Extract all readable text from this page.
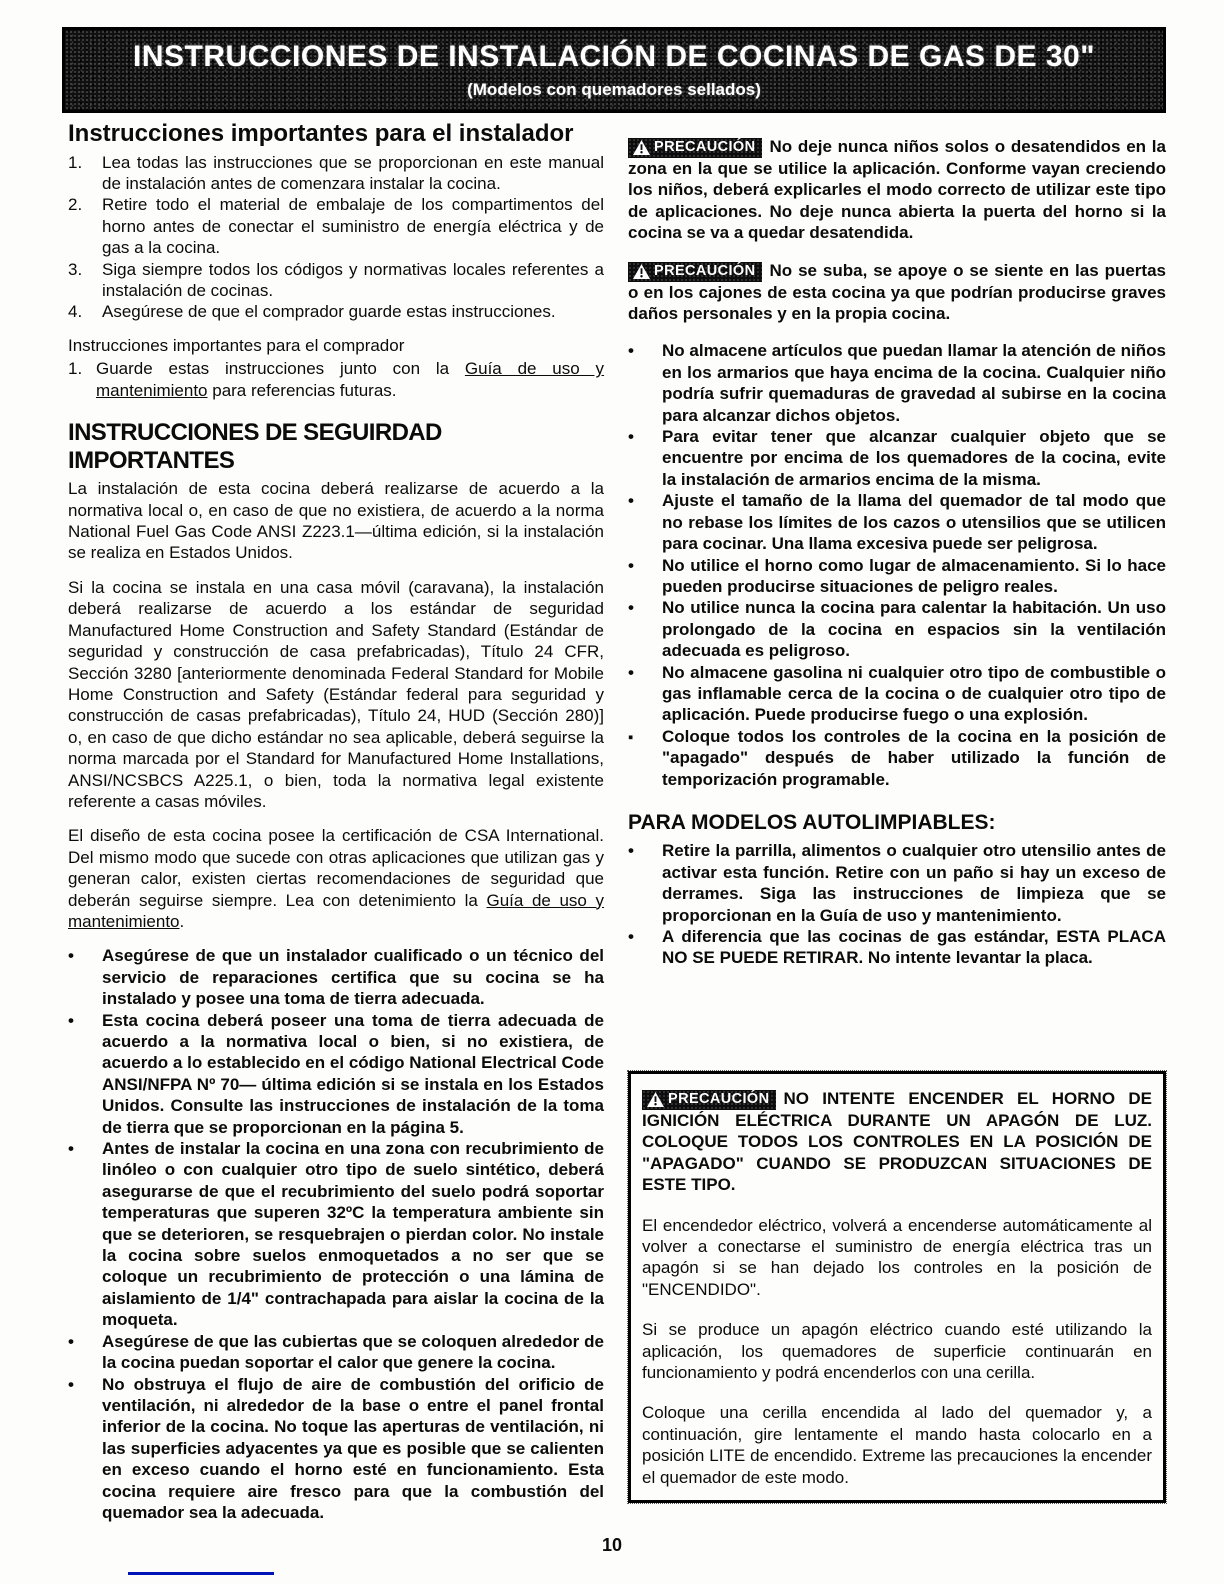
INSTRUCCIONES DE INSTALACIÓN DE COCINAS DE GAS DE 30"
(Modelos con quemadores sellados)
Instrucciones importantes para el instalador
1.	Lea todas las instrucciones que se proporcionan en este manual de instalación antes de comenzara instalar la cocina.
2.	Retire todo el material de embalaje de los compartimentos del horno antes de conectar el suministro de energía eléctrica y de gas a la cocina.
3.	Siga siempre todos los códigos y normativas locales referentes a instalación de cocinas.
4.	Asegúrese de que el comprador guarde estas instrucciones.
Instrucciones importantes para el comprador
1. Guarde estas instrucciones junto con la Guía de uso y mantenimiento para referencias futuras.
INSTRUCCIONES DE SEGUIRDAD IMPORTANTES

La instalación de esta cocina deberá realizarse de acuerdo a la normativa local o, en caso de que no existiera, de acuerdo a la norma National Fuel Gas Code ANSI Z223.1—última edición, si la instalación se realiza en Estados Unidos.

Si la cocina se instala en una casa móvil (caravana), la instalación deberá realizarse de acuerdo a los estándar de seguridad Manufactured Home Construction and Safety Standard (Estándar de seguridad y construcción de casa prefabricadas), Título 24 CFR, Sección 3280 [anteriormente denominada Federal Standard for Mobile Home Construction and Safety (Estándar federal para seguridad y construcción de casas prefabricadas), Título 24, HUD (Sección 280)] o, en caso de que dicho estándar no sea aplicable, deberá seguirse la norma marcada por el Standard for Manufactured Home Installations, ANSI/NCSBCS A225.1, o bien, toda la normativa legal existente referente a casas móviles.

El diseño de esta cocina posee la certificación de CSA International. Del mismo modo que sucede con otras aplicaciones que utilizan gas y generan calor, existen ciertas recomendaciones de seguridad que deberán seguirse siempre. Lea con detenimiento la Guía de uso y mantenimiento.

•
Asegúrese de que un instalador cualificado o un técnico del servicio de reparaciones certifica que su cocina se ha instalado y posee una toma de tierra adecuada.
•
Esta cocina deberá poseer una toma de tierra adecuada de acuerdo a la normativa local o bien, si no existiera, de acuerdo a lo establecido en el código National Electrical Code ANSI/NFPA Nº 70— última edición si se instala en los Estados Unidos. Consulte las instrucciones de instalación de la toma de tierra que se proporcionan en la página 5.
•
Antes de instalar la cocina en una zona con recubrimiento de linóleo o con cualquier otro tipo de suelo sintético, deberá asegurarse de que el recubrimiento del suelo podrá soportar temperaturas que superen 32ºC la temperatura ambiente sin que se deterioren, se resquebrajen o pierdan color. No instale la cocina sobre suelos enmoquetados a no ser que se coloque un recubrimiento de protección o una lámina de aislamiento de 1/4" contrachapada para aislar la cocina de la moqueta.
•
Asegúrese de que las cubiertas que se coloquen alrededor de la cocina puedan soportar el calor que genere la cocina.
•
No obstruya el flujo de aire de combustión del orificio de ventilación, ni alrededor de la base o entre el panel frontal inferior de la cocina. No toque las aperturas de ventilación, ni las superficies adyacentes ya que es posible que se calienten en exceso cuando el horno esté en funcionamiento. Esta cocina requiere aire fresco para que la combustión del quemador sea la adecuada.

PRECAUCIÓN No deje nunca niños solos o desatendidos en la zona en la que se utilice la aplicación. Conforme vayan creciendo los niños, deberá explicarles el modo correcto de utilizar este tipo de aplicaciones. No deje nunca abierta la puerta del horno si la cocina se va a quedar desatendida.

PRECAUCIÓN No se suba, se apoye o se siente en las puertas o en los cajones de esta cocina ya que podrían producirse graves daños personales y en la propia cocina.

•
No almacene artículos que puedan llamar la atención de niños en los armarios que haya encima de la cocina. Cualquier niño podría sufrir quemaduras de gravedad al subirse en la cocina para alcanzar dichos objetos.
•
Para evitar tener que alcanzar cualquier objeto que se encuentre por encima de los quemadores de la cocina, evite la instalación de armarios encima de la misma.
•
Ajuste el tamaño de la llama del quemador de tal modo que no rebase los límites de los cazos o utensilios que se utilicen para cocinar. Una llama excesiva puede ser peligrosa.
•
No utilice el horno como lugar de almacenamiento. Si lo hace pueden producirse situaciones de peligro reales.
•
No utilice nunca la cocina para calentar la habitación. Un uso prolongado de la cocina en espacios sin la ventilación adecuada es peligroso.
•
No almacene gasolina ni cualquier otro tipo de combustible o gas inflamable cerca de la cocina o de cualquier otro tipo de aplicación. Puede producirse fuego o una explosión.
▪
Coloque todos los controles de la cocina en la posición de "apagado" después de haber utilizado la función de temporización programable.
PARA MODELOS AUTOLIMPIABLES:
•
Retire la parrilla, alimentos o cualquier otro utensilio antes de activar esta función. Retire con un paño si hay un exceso de derrames. Siga las instrucciones de limpieza que se proporcionan en la Guía de uso y mantenimiento.
•
A diferencia que las cocinas de gas estándar, ESTA PLACA NO SE PUEDE RETIRAR. No intente levantar la placa.

PRECAUCIÓN NO INTENTE ENCENDER EL HORNO DE IGNICIÓN ELÉCTRICA DURANTE UN APAGÓN DE LUZ. COLOQUE TODOS LOS CONTROLES EN LA POSICIÓN DE "APAGADO" CUANDO SE PRODUZCAN SITUACIONES DE ESTE TIPO.

El encendedor eléctrico, volverá a encenderse automáticamente al volver a conectarse el suministro de energía eléctrica tras un apagón si se han dejado los controles en la posición de "ENCENDIDO".

Si se produce un apagón eléctrico cuando esté utilizando la aplicación, los quemadores de superficie continuarán en funcionamiento y podrá encenderlos con una cerilla.

Coloque una cerilla encendida al lado del quemador y, a continuación, gire lentamente el mando hasta colocarlo en a posición LITE de encendido. Extreme las precauciones la encender el quemador de este modo.

10
